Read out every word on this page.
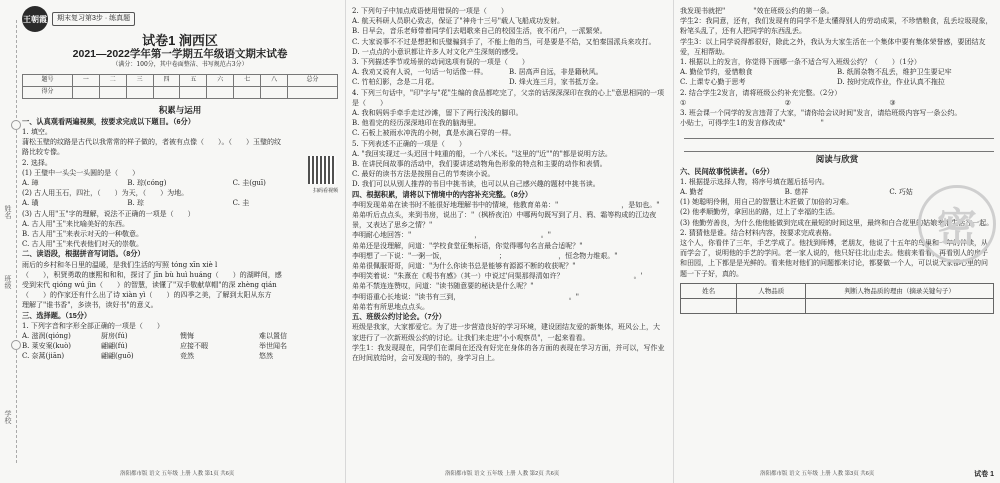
姓名
班级
学校
王朝霞	期末复习第3步 · 练真题
试卷1 涧西区
2021—2022学年第一学期五年级语文期末试卷
（满分：100分，其中卷面整洁、书写规范占3分）
题号	一	二	三	四	五	六	七	八	总分
得分									
积累与运用
扫码看视频

一、认真观看两遍视频，按要求完成以下题目。（6分）

1. 填空。

蒲松玉壁的纹路是古代以我常常的样子做的，者被有点像（　　）。（　　）玉璧的纹

路比较专像。

2. 选择。

(1) 王璧中一头尖一头圆的是（　　）

A. 璋	B. 琮(cóng)	C. 圭(guī)

(2) 古人用玉石，四社，（　　）为天，（　　）为地。

A. 璜	B. 琮	C. 圭

(3) 古人用"玉"字的理解，说法不正确的一项是（　　）

A. 古人用"玉"来比喻美好的东西。

B. 古人用"玉"来表示对天的一种敬意。

C. 古人用"玉"来代表他们对天的崇敬。

二、读语段，根据拼音写词语。（8分）

雨后的乡村和冬日里的温暖，是我们生活的写照 tóng xīn xiè l

（　　），积贤勇敢的康熙和和和，探讨了 jīn bù huì huáng（　　）的湖畔间，感

受到宋代 qióng wú jìn（　　）的智慧，读懂了"双手敬献草帽"的深 zhèng qián

（　　）的作家还有什么出了诗 xiàn yì（　　）的四季之美，了解到太阳从东方

理解了"谁书香"，多读书，读好书"的意义。

三、选择题。（15分）

1. 下列字音和字形全部正确的一项是（　　）

A. 滋润(qióng)	厨房(fú)	懊悔	难以置信
B. 莱安案(kuò)	翩翩(fú)	应接不暇	举世闻名
C. 奈蒿(jiān)	翩翩(guō)	竞然	悠然
洛阳都市版 语文 五年级 上册 人教 第1页 共6页

2. 下列句子中加点成语使用错误的一项是（　　）

A. 航天科研人员职心致志，保证了"神舟十三号"载人飞船成功发射。

B. 日早会，音乐老师带着同学们去唱歌来自己的校园生活，夜不闭户，一派繁荣。

C. 大家说事不不过是想把和氏璧骗到手了，不能上他的当，可是要是不给，又怕秦国派兵来攻打。

D. 一点点的小意识都让许多人对文化产生深刻的感受。

3. 下列描述季节或场景的动词选项有误的一项是（　　）

A. 我劝又说有人说，一句话一句话像一样。	B. 居高声自远，非是籍秋风。
C. 竹柏幻影，念是二月花。	D. 烽火连三月，家书抵万金。

4. 下列三句话中，"印"字与"花"生编的食品都吃完了，父亲的话深深深印在我的心上"意思相同的一项是（　　）

A. 我和妈妈手牵手走过沙滩，留下了两行浅浅的脚印。

B. 他看完的经历深深地印在我的脑海里。

C. 石板上被雨水冲洗的小树，真是水滴石穿的一样。

5. 下列表述不正确的一项是（　　）

A. "我回实现过一头迟回十吨重的船，一个八米长。"这里的"近""的"都是说明方法。

B. 在讲民间故事的活动中，我们要讲述动物角色形象的特点和主要的动作和表情。

C. 最好的读书方法是按照自己的节奏读小说。

D. 我们可以从别人推荐的书目中挑书读，也可以从自己感兴趣的题材中挑书读。

四、根据积累，请将以下情境中的内容补充完整。（8分）

李明发现弟弟在读书时不能很好地理解书中的情境，他教育弟弟："　　　　　　　　　，是如也。"

弟弟听后点点头，来到书房，说出了："（枫桥夜泊）中哪两句既写到了月、鸦、霜等构成的江边夜景，又表达了思乡之情？"

李明耐心地回答："　　　　　　　　　，　　　　　　　　　。"

弟弟还是没理解，问道："学校食堂征集标语，你觉得哪句名言最合适呢？"

李明想了一下说："一粥一饭，　　　　　　　　；　　　　　　　　，恒念物力维艰。"

弟弟很佩服哥哥，问道："为什么你读书总是能够有源源不断的收获呢？"

李明笑着说："朱熹在《观书有感》（其一）中说过'问渠那得清如许？　　　　　　　　　　。'

弟弟不禁连连赞叹，问道："读书随意要的秘诀是什么呢？"

李明语重心长地说："读书有三到，　　　　　　　　　　　　　　　　。"

弟弟若有所思地点点头。

五、班级公约讨论会。（7分）

班级是我家，大家都爱它。为了进一步营造良好的学习环境，建设团结友爱的新集体，班风公上，大家进行了一次新班级公约的讨论。让我们来走进"小小观察员"，一起来看看。

学生1：我发现现在，同学们在课间在还没有好完在身体的各方面的表现在学习方面，并可以，写作业在时间放给时，会可发现的书的，身学习自上。

洛阳都市版 语文 五年级 上册 人教 第2页 共6页

我发现书就把"　　　　"效在班级公约的第一条。

学生2：我同意，还有，我们发现有的同学不是太懂得别人的劳动成果，不珍惜粮食，乱丢垃圾现象，粉笔头乱了，还有人把同学的东西乱丢。

学生3：以上同学说得都很好，除此之外，我认为大家生活在一个集体中要有集体荣誉感，要团结友爱，互相帮助。

1. 根据以上的发言，你觉得下面哪一条不适合写入班级公约？（　　）（1分）

A. 勤俭节约，爱惜粮食	B. 纸屑杂物不乱丢，维护卫生要记牢
C. 上课专心勤于思考	D. 按时完成作业，作业认真不拖拉

2. 结合学生2发言，请将班级公约补充完整。（2分）

①	②	③

3. 班会课一个同学的发言违背了大家，"请你给会议时间"发言，请给班级内容写一条公约。

小贴士，可得学生1的发言修改成"　　　　　"

阅读与欣赏

六、民间故事悦读者。（6分）

1. 根据提示选择人物，将序号填在题后括号内。

A. 勤者	B. 慈祥	C. 巧姑

(1) 她聪明伶俐，用自己的智慧让木匠做了加倍的习难。

(2) 他孝顺勤劳，拿回出的路，过上了幸福的生活。

(3) 他勤劳善良，为什么他他能做到完成在最短的时间这里，最终和白合花里的姑娘幸福生活在一起。

2. 猜猜他是谁。结合材料内容，按要求完成表格。

这个人，你看伴了三年，手艺学成了。他找到师傅，老朋友，他说了十五年的鸟巢和一年的伴读，从而学会了，说明他的手艺的学问。老一家人说的，他只好往北山走去。他前来看看，再看别人的房子和田园，上下都是是光鲜的。看来他对他们的问题都来讨论，都要做一个人，可以说大家都心里的问题一下子好，真的。

姓名	人物品质	判断人物品质的理由（摘录关键句子）

密
洛阳都市版 语文 五年级 上册 人教 第3页 共6页	试卷 1
